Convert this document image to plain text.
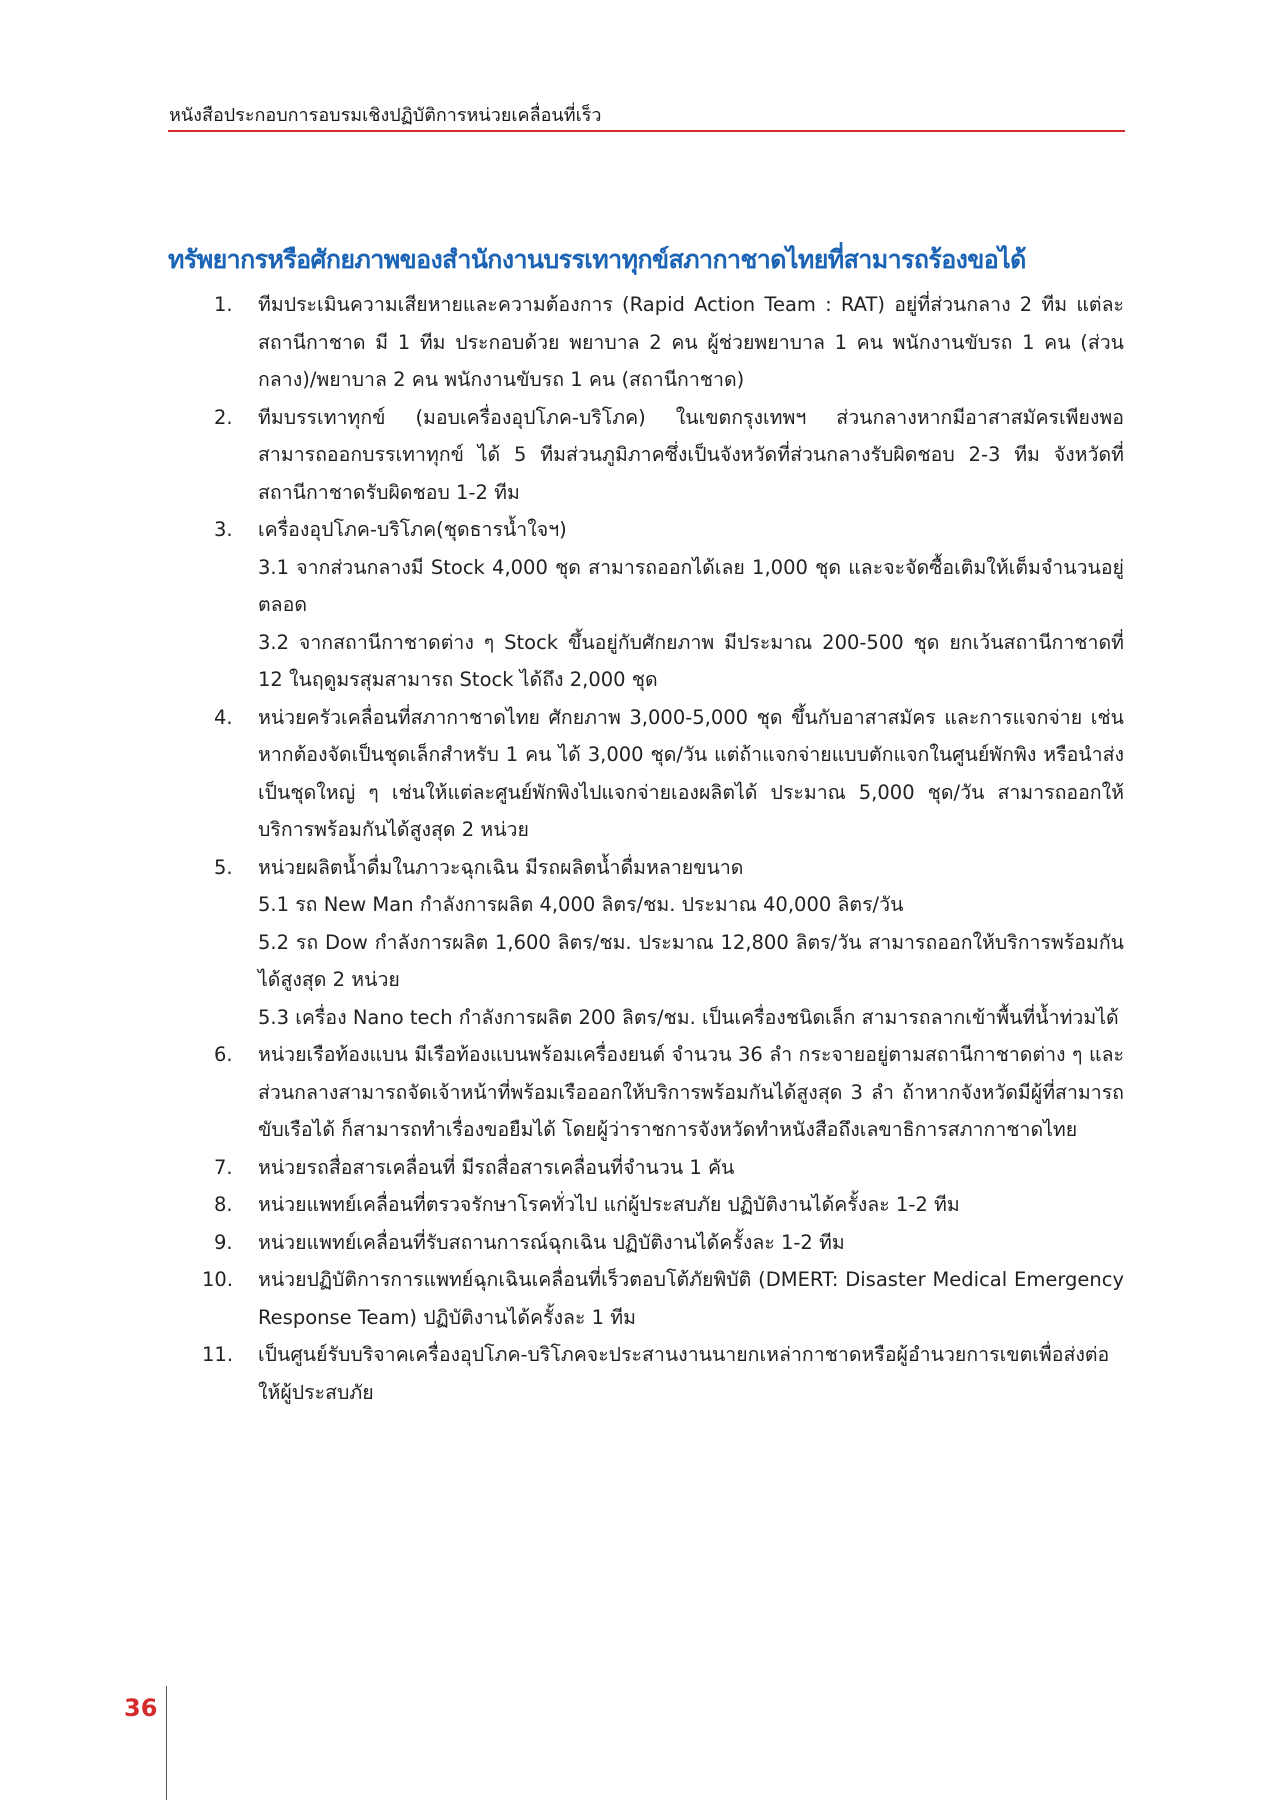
หนังสือประกอบการอบรมเชิงปฏิบัติการหน่วยเคลื่อนที่เร็ว
ทรัพยากรหรือศักยภาพของสำนักงานบรรเทาทุกข์สภากาชาดไทยที่สามารถร้องขอได้
1. ทีมประเมินความเสียหายและความต้องการ (Rapid Action Team : RAT) อยู่ที่ส่วนกลาง 2 ทีม แต่ละสถานีกาชาด มี 1 ทีม ประกอบด้วย พยาบาล 2 คน ผู้ช่วยพยาบาล 1 คน พนักงานขับรถ 1 คน (ส่วนกลาง)/พยาบาล 2 คน พนักงานขับรถ 1 คน (สถานีกาชาด)
2. ทีมบรรเทาทุกข์ (มอบเครื่องอุปโภค-บริโภค) ในเขตกรุงเทพฯ ส่วนกลางหากมีอาสาสมัครเพียงพอ สามารถออกบรรเทาทุกข์ ได้ 5 ทีมส่วนภูมิภาคซึ่งเป็นจังหวัดที่ส่วนกลางรับผิดชอบ 2-3 ทีม จังหวัดที่สถานีกาชาดรับผิดชอบ 1-2 ทีม
3. เครื่องอุปโภค-บริโภค(ชุดธารน้ำใจฯ)
3.1 จากส่วนกลางมี Stock 4,000 ชุด สามารถออกได้เลย 1,000 ชุด และจะจัดซื้อเติมให้เต็มจำนวนอยู่ตลอด
3.2 จากสถานีกาชาดต่าง ๆ Stock ขึ้นอยู่กับศักยภาพ มีประมาณ 200-500 ชุด ยกเว้นสถานีกาชาดที่ 12 ในฤดูมรสุมสามารถ Stock ได้ถึง 2,000 ชุด
4. หน่วยครัวเคลื่อนที่สภากาชาดไทย ศักยภาพ 3,000-5,000 ชุด ขึ้นกับอาสาสมัคร และการแจกจ่าย เช่น หากต้องจัดเป็นชุดเล็กสำหรับ 1 คน ได้ 3,000 ชุด/วัน แต่ถ้าแจกจ่ายแบบตักแจกในศูนย์พักพิง หรือนำส่งเป็นชุดใหญ่ ๆ เช่นให้แต่ละศูนย์พักพิงไปแจกจ่ายเองผลิตได้ ประมาณ 5,000 ชุด/วัน สามารถออกให้บริการพร้อมกันได้สูงสุด 2 หน่วย
5. หน่วยผลิตน้ำดื่มในภาวะฉุกเฉิน มีรถผลิตน้ำดื่มหลายขนาด
5.1 รถ New Man กำลังการผลิต 4,000 ลิตร/ชม. ประมาณ 40,000 ลิตร/วัน
5.2 รถ Dow กำลังการผลิต 1,600 ลิตร/ชม. ประมาณ 12,800 ลิตร/วัน สามารถออกให้บริการพร้อมกันได้สูงสุด 2 หน่วย
5.3 เครื่อง Nano tech กำลังการผลิต 200 ลิตร/ชม. เป็นเครื่องชนิดเล็ก สามารถลากเข้าพื้นที่น้ำท่วมได้
6. หน่วยเรือท้องแบน มีเรือท้องแบนพร้อมเครื่องยนต์ จำนวน 36 ลำ กระจายอยู่ตามสถานีกาชาดต่าง ๆ และส่วนกลางสามารถจัดเจ้าหน้าที่พร้อมเรือออกให้บริการพร้อมกันได้สูงสุด 3 ลำ ถ้าหากจังหวัดมีผู้ที่สามารถขับเรือได้ ก็สามารถทำเรื่องขอยืมได้ โดยผู้ว่าราชการจังหวัดทำหนังสือถึงเลขาธิการสภากาชาดไทย
7. หน่วยรถสื่อสารเคลื่อนที่ มีรถสื่อสารเคลื่อนที่จำนวน 1 คัน
8. หน่วยแพทย์เคลื่อนที่ตรวจรักษาโรคทั่วไป แก่ผู้ประสบภัย ปฏิบัติงานได้ครั้งละ 1-2 ทีม
9. หน่วยแพทย์เคลื่อนที่รับสถานการณ์ฉุกเฉิน ปฏิบัติงานได้ครั้งละ 1-2 ทีม
10. หน่วยปฏิบัติการการแพทย์ฉุกเฉินเคลื่อนที่เร็วตอบโต้ภัยพิบัติ (DMERT: Disaster Medical Emergency Response Team) ปฏิบัติงานได้ครั้งละ 1 ทีม
11. เป็นศูนย์รับบริจาคเครื่องอุปโภค-บริโภคจะประสานงานนายกเหล่ากาชาดหรือผู้อำนวยการเขตเพื่อส่งต่อให้ผู้ประสบภัย
36
